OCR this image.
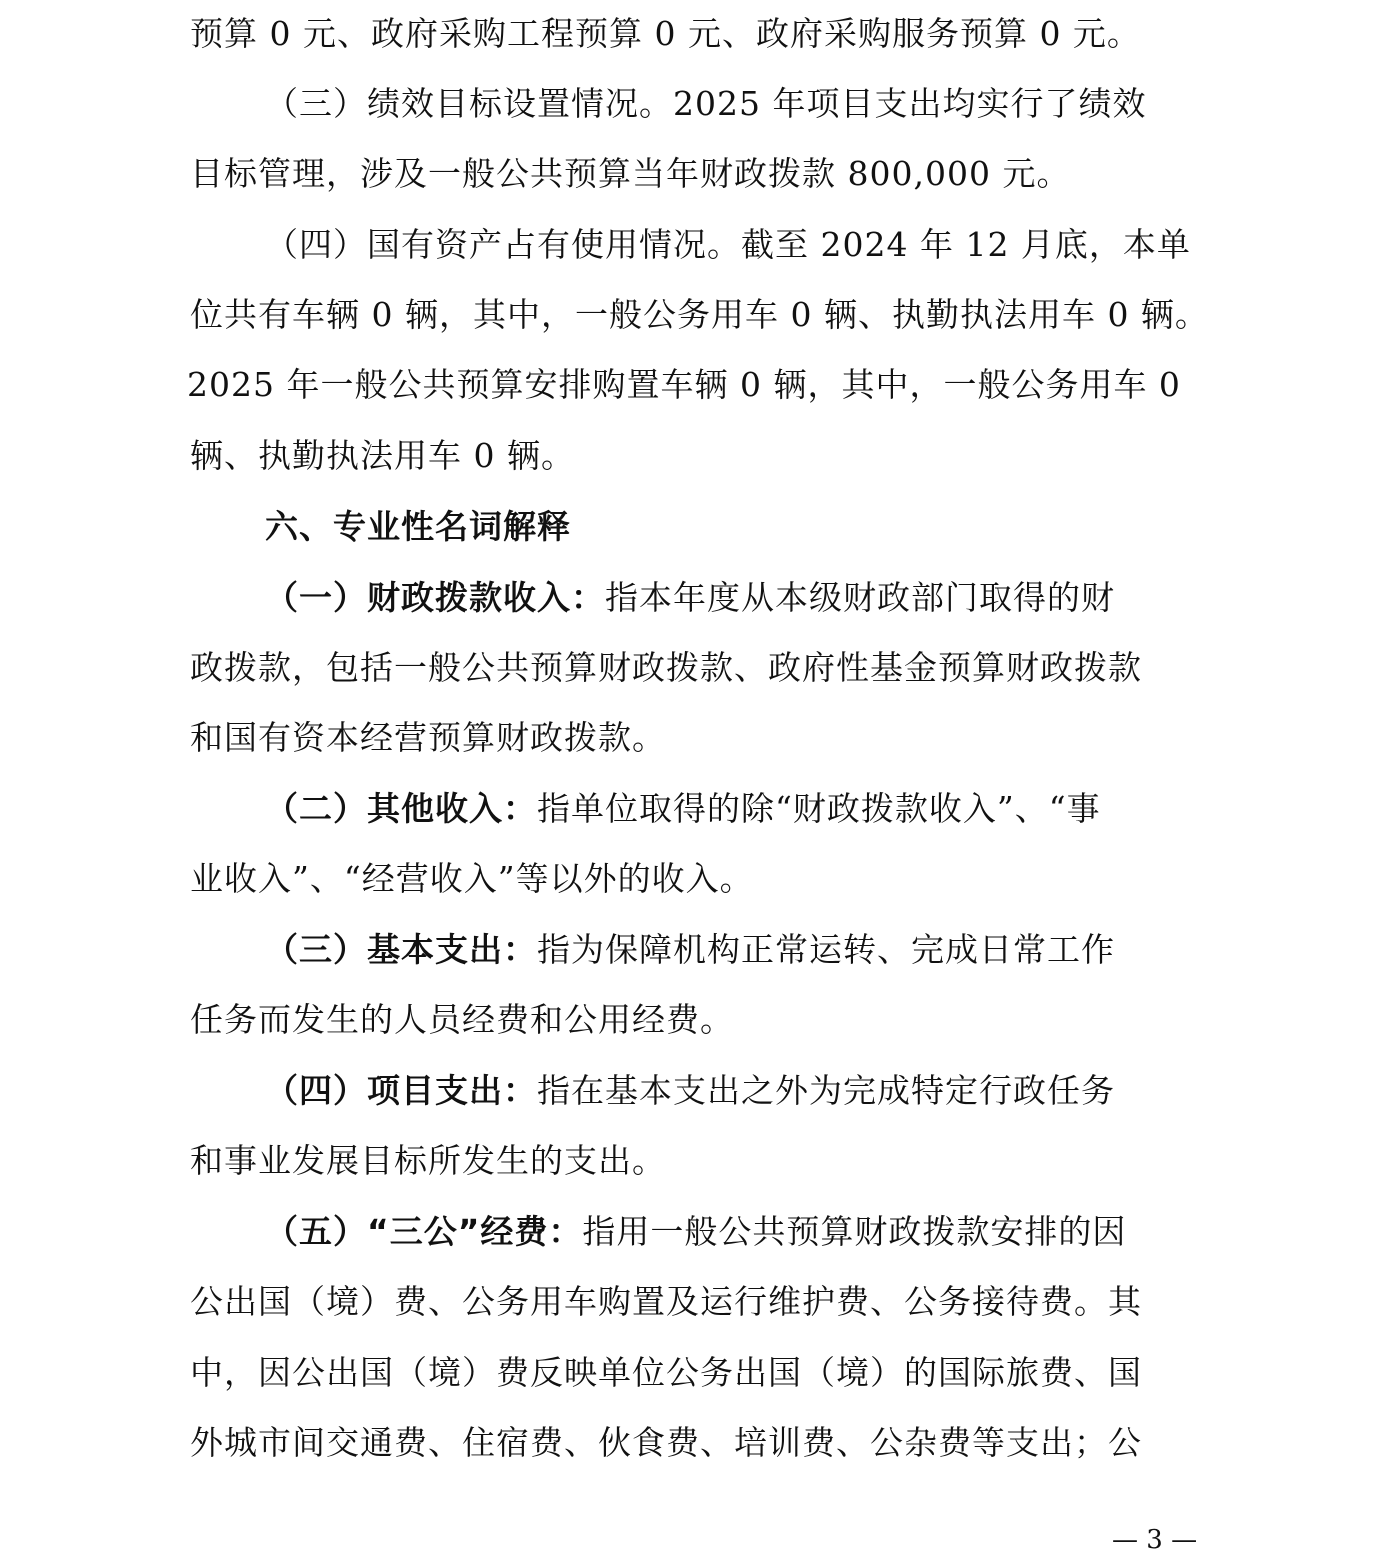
预算 0 元、政府采购工程预算 0 元、政府采购服务预算 0 元。
（三）绩效目标设置情况。2025 年项目支出均实行了绩效
目标管理，涉及一般公共预算当年财政拨款 800,000 元。
（四）国有资产占有使用情况。截至 2024 年 12 月底，本单
位共有车辆 0 辆，其中，一般公务用车 0 辆、执勤执法用车 0 辆。
2025 年一般公共预算安排购置车辆 0 辆，其中，一般公务用车 0
辆、执勤执法用车 0 辆。
六、专业性名词解释
（一）财政拨款收入：指本年度从本级财政部门取得的财
政拨款，包括一般公共预算财政拨款、政府性基金预算财政拨款
和国有资本经营预算财政拨款。
（二）其他收入：指单位取得的除“财政拨款收入”、“事
业收入”、“经营收入”等以外的收入。
（三）基本支出：指为保障机构正常运转、完成日常工作
任务而发生的人员经费和公用经费。
（四）项目支出：指在基本支出之外为完成特定行政任务
和事业发展目标所发生的支出。
（五）“三公”经费：指用一般公共预算财政拨款安排的因
公出国（境）费、公务用车购置及运行维护费、公务接待费。其
中，因公出国（境）费反映单位公务出国（境）的国际旅费、国
外城市间交通费、住宿费、伙食费、培训费、公杂费等支出；公
— 3 —
